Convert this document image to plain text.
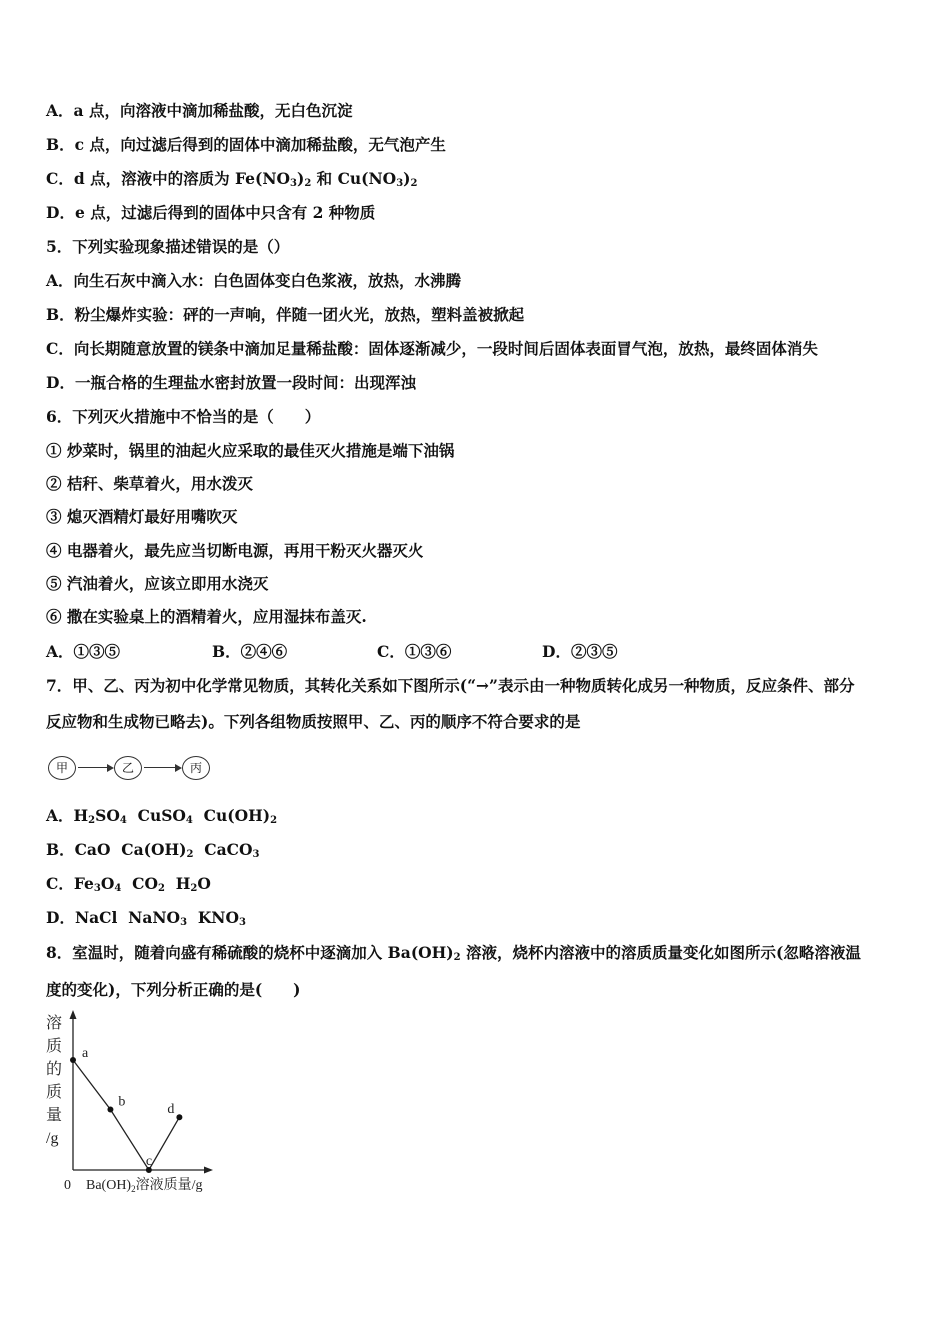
A．a 点，向溶液中滴加稀盐酸，无白色沉淀
B．c 点，向过滤后得到的固体中滴加稀盐酸，无气泡产生
C．d 点，溶液中的溶质为 $Fe(NO_3)_2$ 和 $Cu(NO_3)_2$
D．e 点，过滤后得到的固体中只含有 2 种物质
5．下列实验现象描述错误的是（）
A．向生石灰中滴入水：白色固体变白色浆液，放热，水沸腾
B．粉尘爆炸实验：砰的一声响，伴随一团火光，放热，塑料盖被掀起
C．向长期随意放置的镁条中滴加足量稀盐酸：固体逐渐减少，一段时间后固体表面冒气泡，放热，最终固体消失
D．一瓶合格的生理盐水密封放置一段时间：出现浑浊
6．下列灭火措施中不恰当的是（　　）
① 炒菜时，锅里的油起火应采取的最佳灭火措施是端下油锅
② 桔秆、柴草着火，用水泼灭
③ 熄灭酒精灯最好用嘴吹灭
④ 电器着火，最先应当切断电源，再用干粉灭火器灭火
⑤ 汽油着火，应该立即用水浇灭
⑥ 撒在实验桌上的酒精着火，应用湿抹布盖灭.
A．①③⑤	B．②④⑥	C．①③⑥	D．②③⑤
7．甲、乙、丙为初中化学常见物质，其转化关系如下图所示(“→”表示由一种物质转化成另一种物质，反应条件、部分
反应物和生成物已略去)。下列各组物质按照甲、乙、丙的顺序不符合要求的是
甲	乙	丙
A．$H_2SO_4$  CuSO$_4$  $Cu(OH)_2$
B．CaO  $Ca(OH)_2$  CaCO$_3$
C．$Fe_3O_4$  $CO_2$  $H_2O$
D．NaCl  NaNO$_3$  $KNO_3$
8．室温时，随着向盛有稀硫酸的烧杯中逐滴加入 $Ba(OH)_2$ 溶液，烧杯内溶液中的溶质质量变化如图所示(忽略溶液温
度的变化)，下列分析正确的是(　　)
溶
质
的
质
量
/g
0 $Ba(OH)_2$溶液质量/g
a
b
c
d
